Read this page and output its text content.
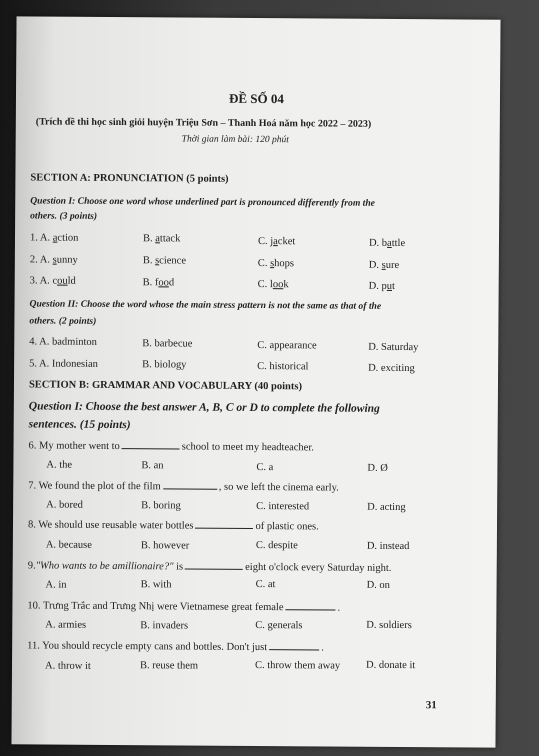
ĐỀ SỐ 04
(Trích đề thi học sinh giỏi huyện Triệu Sơn – Thanh Hoá năm học 2022 – 2023)
Thời gian làm bài: 120 phút
SECTION A: PRONUNCIATION (5 points)
Question I: Choose one word whose underlined part is pronounced differently from the
others. (3 points)
1. A. action	B. attack	C. jacket	D. battle
2. A. sunny	B. science	C. shops	D. sure
3. A. could	B. food	C. look	D. put
Question II: Choose the word whose the main stress pattern is not the same as that of the
others. (2 points)
4. A. badminton	B. barbecue	C. appearance	D. Saturday
5. A. Indonesian	B. biology	C. historical	D. exciting
SECTION B: GRAMMAR AND VOCABULARY (40 points)
Question I: Choose the best answer A, B, C or D to complete the following
sentences. (15 points)
6. My mother went to	school to meet my headteacher.
A. the	B. an	C. a	D. Ø
7. We found the plot of the film	, so we left the cinema early.
A. bored	B. boring	C. interested	D. acting
8. We should use reusable water bottles	of plastic ones.
A. because	B. however	C. despite	D. instead
9."Who wants to be amillionaire?" is	eight o'clock every Saturday night.
A. in	B. with	C. at	D. on
10. Trưng Trắc and Trưng Nhị were Vietnamese great female	.
A. armies	B. invaders	C. generals	D. soldiers
11. You should recycle empty cans and bottles. Don't just	.
A. throw it	B. reuse them	C. throw them away D. donate it
31
